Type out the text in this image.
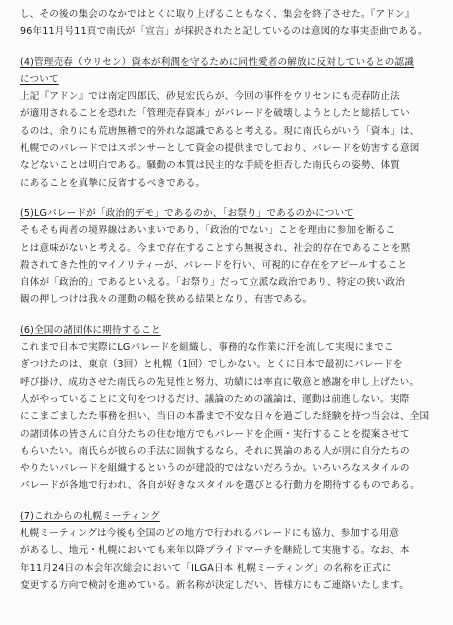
し、その後の集会のなかではとくに取り上げることもなく、集会を終了させた。『アドン』
96年11月号11頁で南氏が「宣言」が採択されたと記しているのは意図的な事実歪曲である。
(4)管理売春（ウリセン）資本が利潤を守るために同性愛者の解放に反対しているとの認識
について
上記『アドン』では南定四郎氏、砂見宏氏らが、今回の事件をウリセンにも売春防止法
が適用されることを恐れた「管理売春資本」がパレードを破壊しようとしたと総括してい
るのは、余りにも荒唐無稽で的外れな認識であると考える。現に南氏らがいう「資本」は、
札幌でのパレードではスポンサーとして資金の提供までしており、パレードを妨害する意図
などないことは明白である。騒動の本質は民主的な手続を拒否した南氏らの姿勢、体質
にあることを真摯に反省するべきである。
(5)LGパレードが「政治的デモ」であるのか、「お祭り」であるのかについて
そもそも両者の境界線はあいまいであり、「政治的でない」ことを理由に参加を断るこ
とは意味がないと考える。今まで存在することすら無視され、社会的存在であることを黙
殺されてきた性的マイノリティーが、パレードを行い、可視的に存在をアピールすること
自体が「政治的」であるといえる。「お祭り」だって立派な政治であり、特定の狭い政治
観の押しつけは我々の運動の幅を狭める結果となり、有害である。
(6)全国の諸団体に期待すること
これまで日本で実際にLGパレードを組織し、事務的な作業に汗を流して実現にまでこ
ぎつけたのは、東京（3回）と札幌（1回）でしかない。とくに日本で最初にパレードを
呼び掛け、成功させた南氏らの先見性と努力、功績には率直に敬意と感謝を申し上げたい。
人がやっていることに文句をつけるだけ、議論のための議論は、運動は前進しない。実際
にこまごましたた事務を担い、当日の本番まで不安な日々を過ごした経験を持つ当会は、全国
の諸団体の皆さんに自分たちの住む地方でもパレードを企画・実行することを提案させて
もらいたい。南氏らが彼らの手法に固執するなら、それに異論のある人が別に自分たちの
やりたいパレードを組織するというのが建設的ではないだろうか。いろいろなスタイルの
パレードが各地で行われ、各自が好きなスタイルを選びとる行動力を期待するものである。
(7)これからの札幌ミーティング
札幌ミーティングは今後も全国のどの地方で行われるパレードにも協力、参加する用意
があるし、地元・札幌においても来年以降プライドマーチを継続して実施する。なお、本
年11月24日の本会年次総会において「ILGA日本 札幌ミーティング」の名称を正式に
変更する方向で検討を進めている。新名称が決定しだい、皆様方にもご連絡いたします。
